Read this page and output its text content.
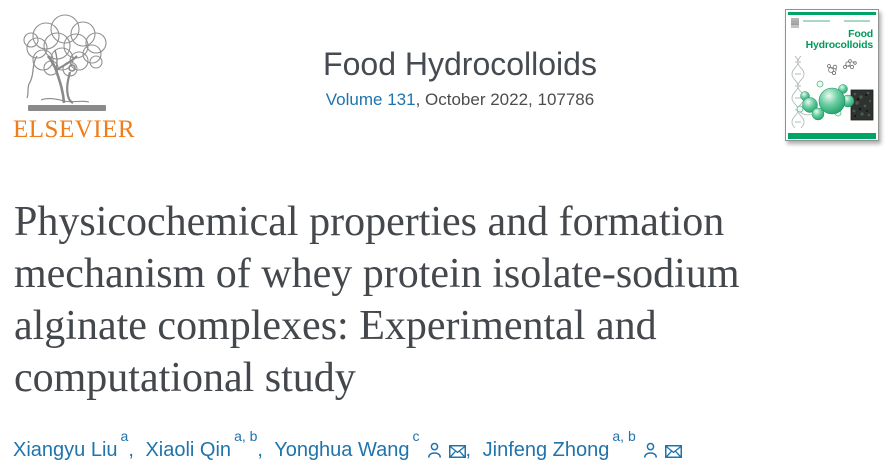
ELSEVIER
Food Hydrocolloids
Volume 131, October 2022, 107786
Food
Hydrocolloids
Physicochemical properties and formation
mechanism of whey protein isolate-sodium
alginate complexes: Experimental and
computational study
Xiangyu Liu$^a$, Xiaoli Qin$^{a, b}$, Yonghua Wang$^c$, Jinfeng Zhong$^{a, b}$
